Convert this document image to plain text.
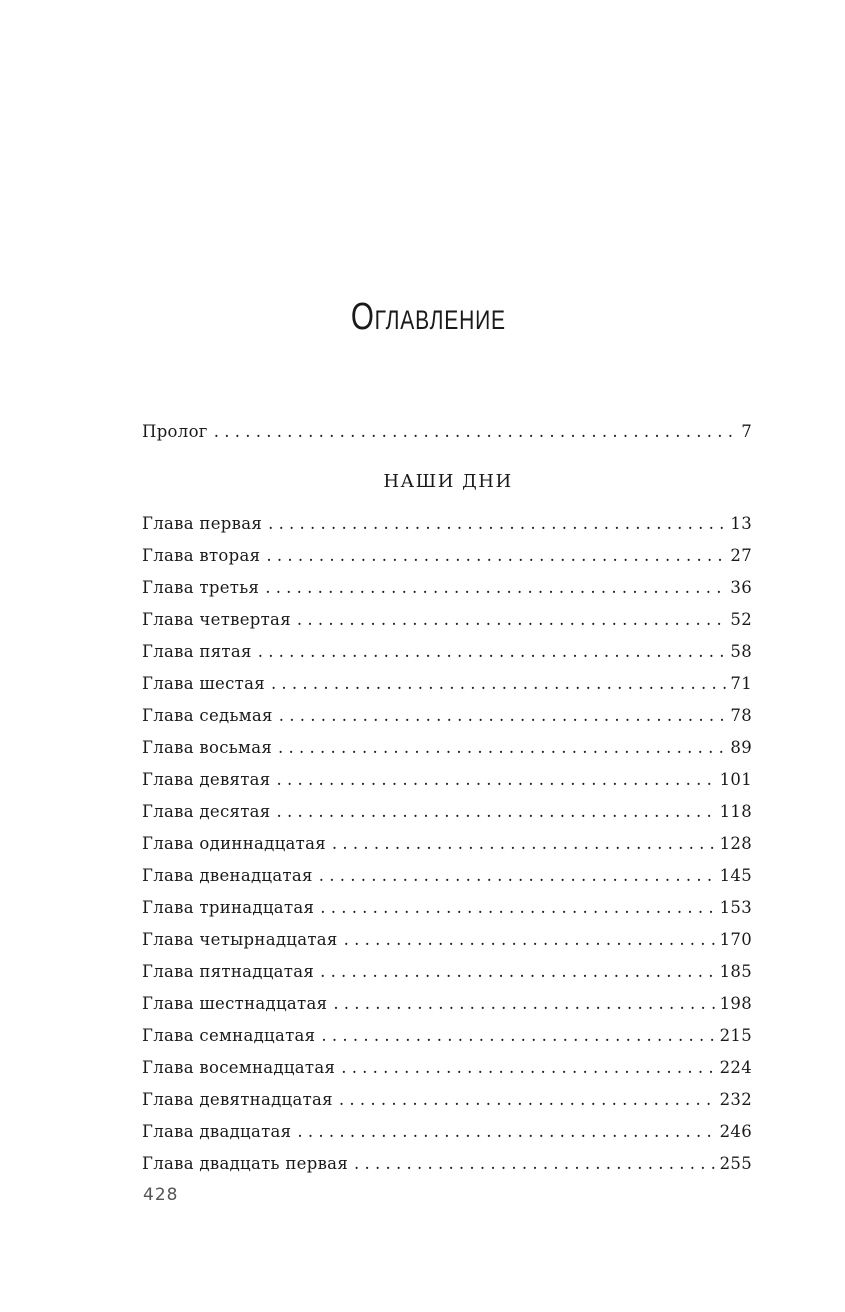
Оглавление
Пролог . . .	7
НАШИ ДНИ
Глава первая . . .	13
Глава вторая . . .	27
Глава третья . . .	36
Глава четвертая . . .	52
Глава пятая . . .	58
Глава шестая . . .	71
Глава седьмая . . .	78
Глава восьмая . . .	89
Глава девятая . . .	101
Глава десятая . . .	118
Глава одиннадцатая . . .	128
Глава двенадцатая . . .	145
Глава тринадцатая . . .	153
Глава четырнадцатая . . .	170
Глава пятнадцатая . . .	185
Глава шестнадцатая . . .	198
Глава семнадцатая . . .	215
Глава восемнадцатая . . .	224
Глава девятнадцатая . . .	232
Глава двадцатая . . .	246
Глава двадцать первая . . .	255
428
